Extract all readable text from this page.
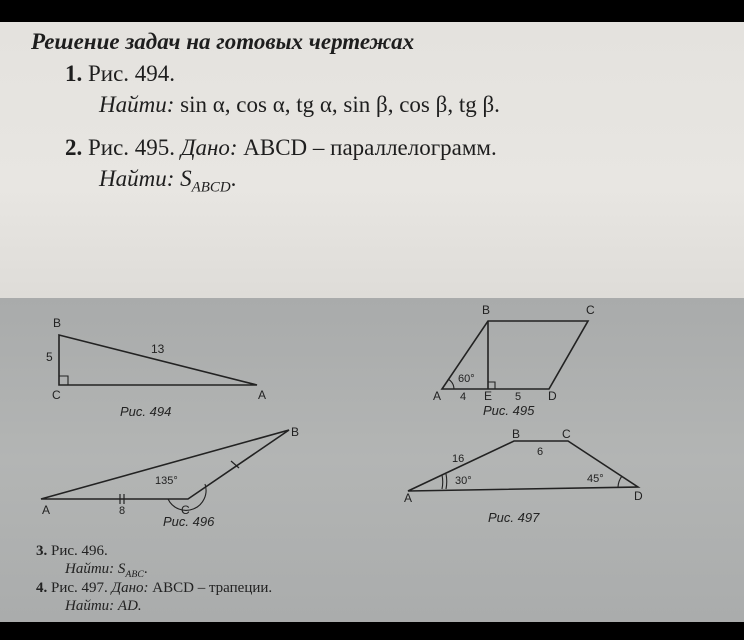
Решение задач на готовых чертежах
1. Рис. 494.
Найти: sin α, cos α, tg α, sin β, cos β, tg β.
2. Рис. 495. Дано: ABCD – параллелограмм.
Найти: $S_{ABCD}$.
B
C	A
5
13
Рис. 494
B	C
A	E	D
60°
4	5
Рис. 495
B
A	C
135°
8
Рис. 496
B	C
A	D
16
6
30°	45°
Рис. 497
3. Рис. 496.
Найти: $S_{ABC}$.
4. Рис. 497. Дано: ABCD – трапеции.
Найти: AD.
